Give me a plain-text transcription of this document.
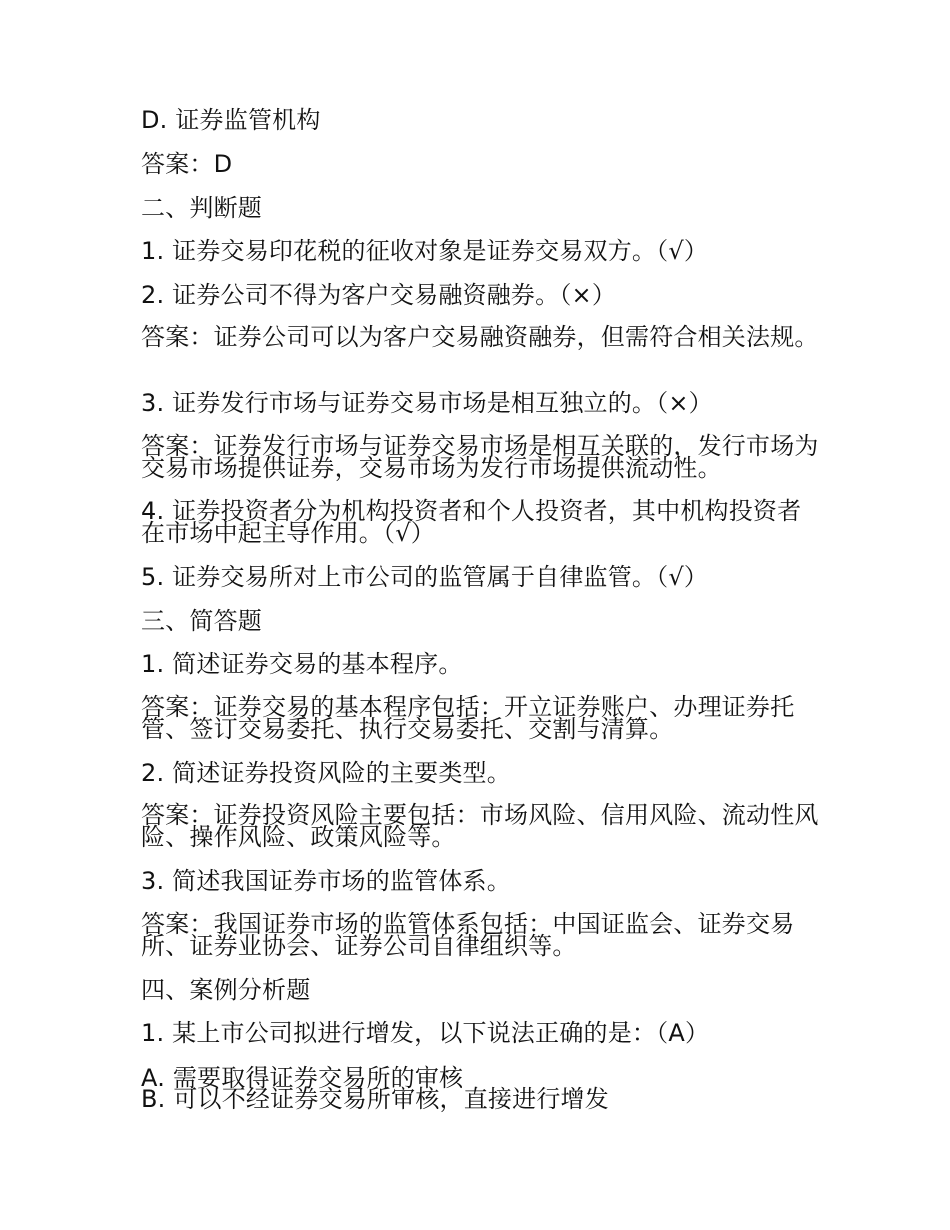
D. 证券监管机构
答案：D
二、判断题
1. 证券交易印花税的征收对象是证券交易双方。（√）
2. 证券公司不得为客户交易融资融券。（×）
答案：证券公司可以为客户交易融资融券，但需符合相关法规。
3. 证券发行市场与证券交易市场是相互独立的。（×）
答案：证券发行市场与证券交易市场是相互关联的，发行市场为交易市场提供证券，交易市场为发行市场提供流动性。
4. 证券投资者分为机构投资者和个人投资者，其中机构投资者在市场中起主导作用。（√）
5. 证券交易所对上市公司的监管属于自律监管。（√）
三、简答题
1. 简述证券交易的基本程序。
答案：证券交易的基本程序包括：开立证券账户、办理证券托管、签订交易委托、执行交易委托、交割与清算。
2. 简述证券投资风险的主要类型。
答案：证券投资风险主要包括：市场风险、信用风险、流动性风险、操作风险、政策风险等。
3. 简述我国证券市场的监管体系。
答案：我国证券市场的监管体系包括：中国证监会、证券交易所、证券业协会、证券公司自律组织等。
四、案例分析题
1. 某上市公司拟进行增发，以下说法正确的是：（A）
A. 需要取得证券交易所的审核
B. 可以不经证券交易所审核，直接进行增发
